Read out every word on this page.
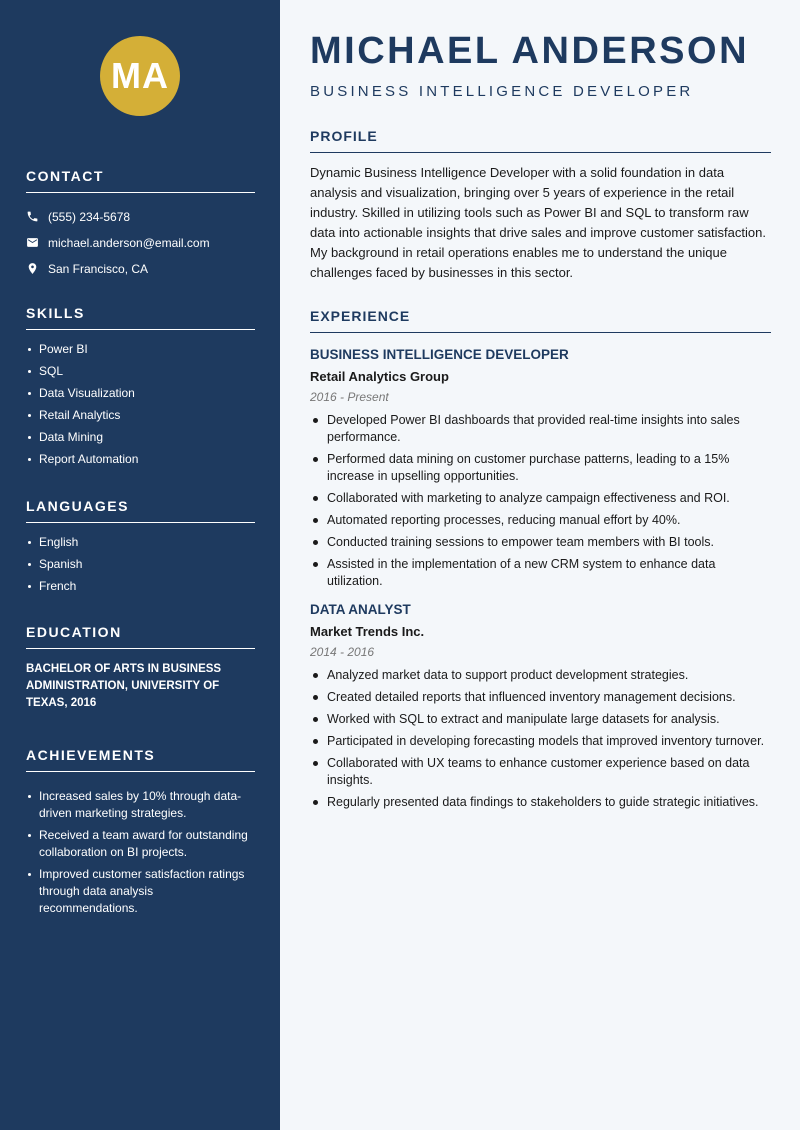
MA
CONTACT
(555) 234-5678
michael.anderson@email.com
San Francisco, CA
SKILLS
Power BI
SQL
Data Visualization
Retail Analytics
Data Mining
Report Automation
LANGUAGES
English
Spanish
French
EDUCATION

BACHELOR OF ARTS IN BUSINESS ADMINISTRATION, UNIVERSITY OF TEXAS, 2016

ACHIEVEMENTS
Increased sales by 10% through data-driven marketing strategies.
Received a team award for outstanding collaboration on BI projects.
Improved customer satisfaction ratings through data analysis recommendations.
MICHAEL ANDERSON
BUSINESS INTELLIGENCE DEVELOPER
PROFILE

Dynamic Business Intelligence Developer with a solid foundation in data analysis and visualization, bringing over 5 years of experience in the retail industry. Skilled in utilizing tools such as Power BI and SQL to transform raw data into actionable insights that drive sales and improve customer satisfaction. My background in retail operations enables me to understand the unique challenges faced by businesses in this sector.

EXPERIENCE
BUSINESS INTELLIGENCE DEVELOPER
Retail Analytics Group
2016 - Present
Developed Power BI dashboards that provided real-time insights into sales performance.
Performed data mining on customer purchase patterns, leading to a 15% increase in upselling opportunities.
Collaborated with marketing to analyze campaign effectiveness and ROI.
Automated reporting processes, reducing manual effort by 40%.
Conducted training sessions to empower team members with BI tools.
Assisted in the implementation of a new CRM system to enhance data utilization.
DATA ANALYST
Market Trends Inc.
2014 - 2016
Analyzed market data to support product development strategies.
Created detailed reports that influenced inventory management decisions.
Worked with SQL to extract and manipulate large datasets for analysis.
Participated in developing forecasting models that improved inventory turnover.
Collaborated with UX teams to enhance customer experience based on data insights.
Regularly presented data findings to stakeholders to guide strategic initiatives.
